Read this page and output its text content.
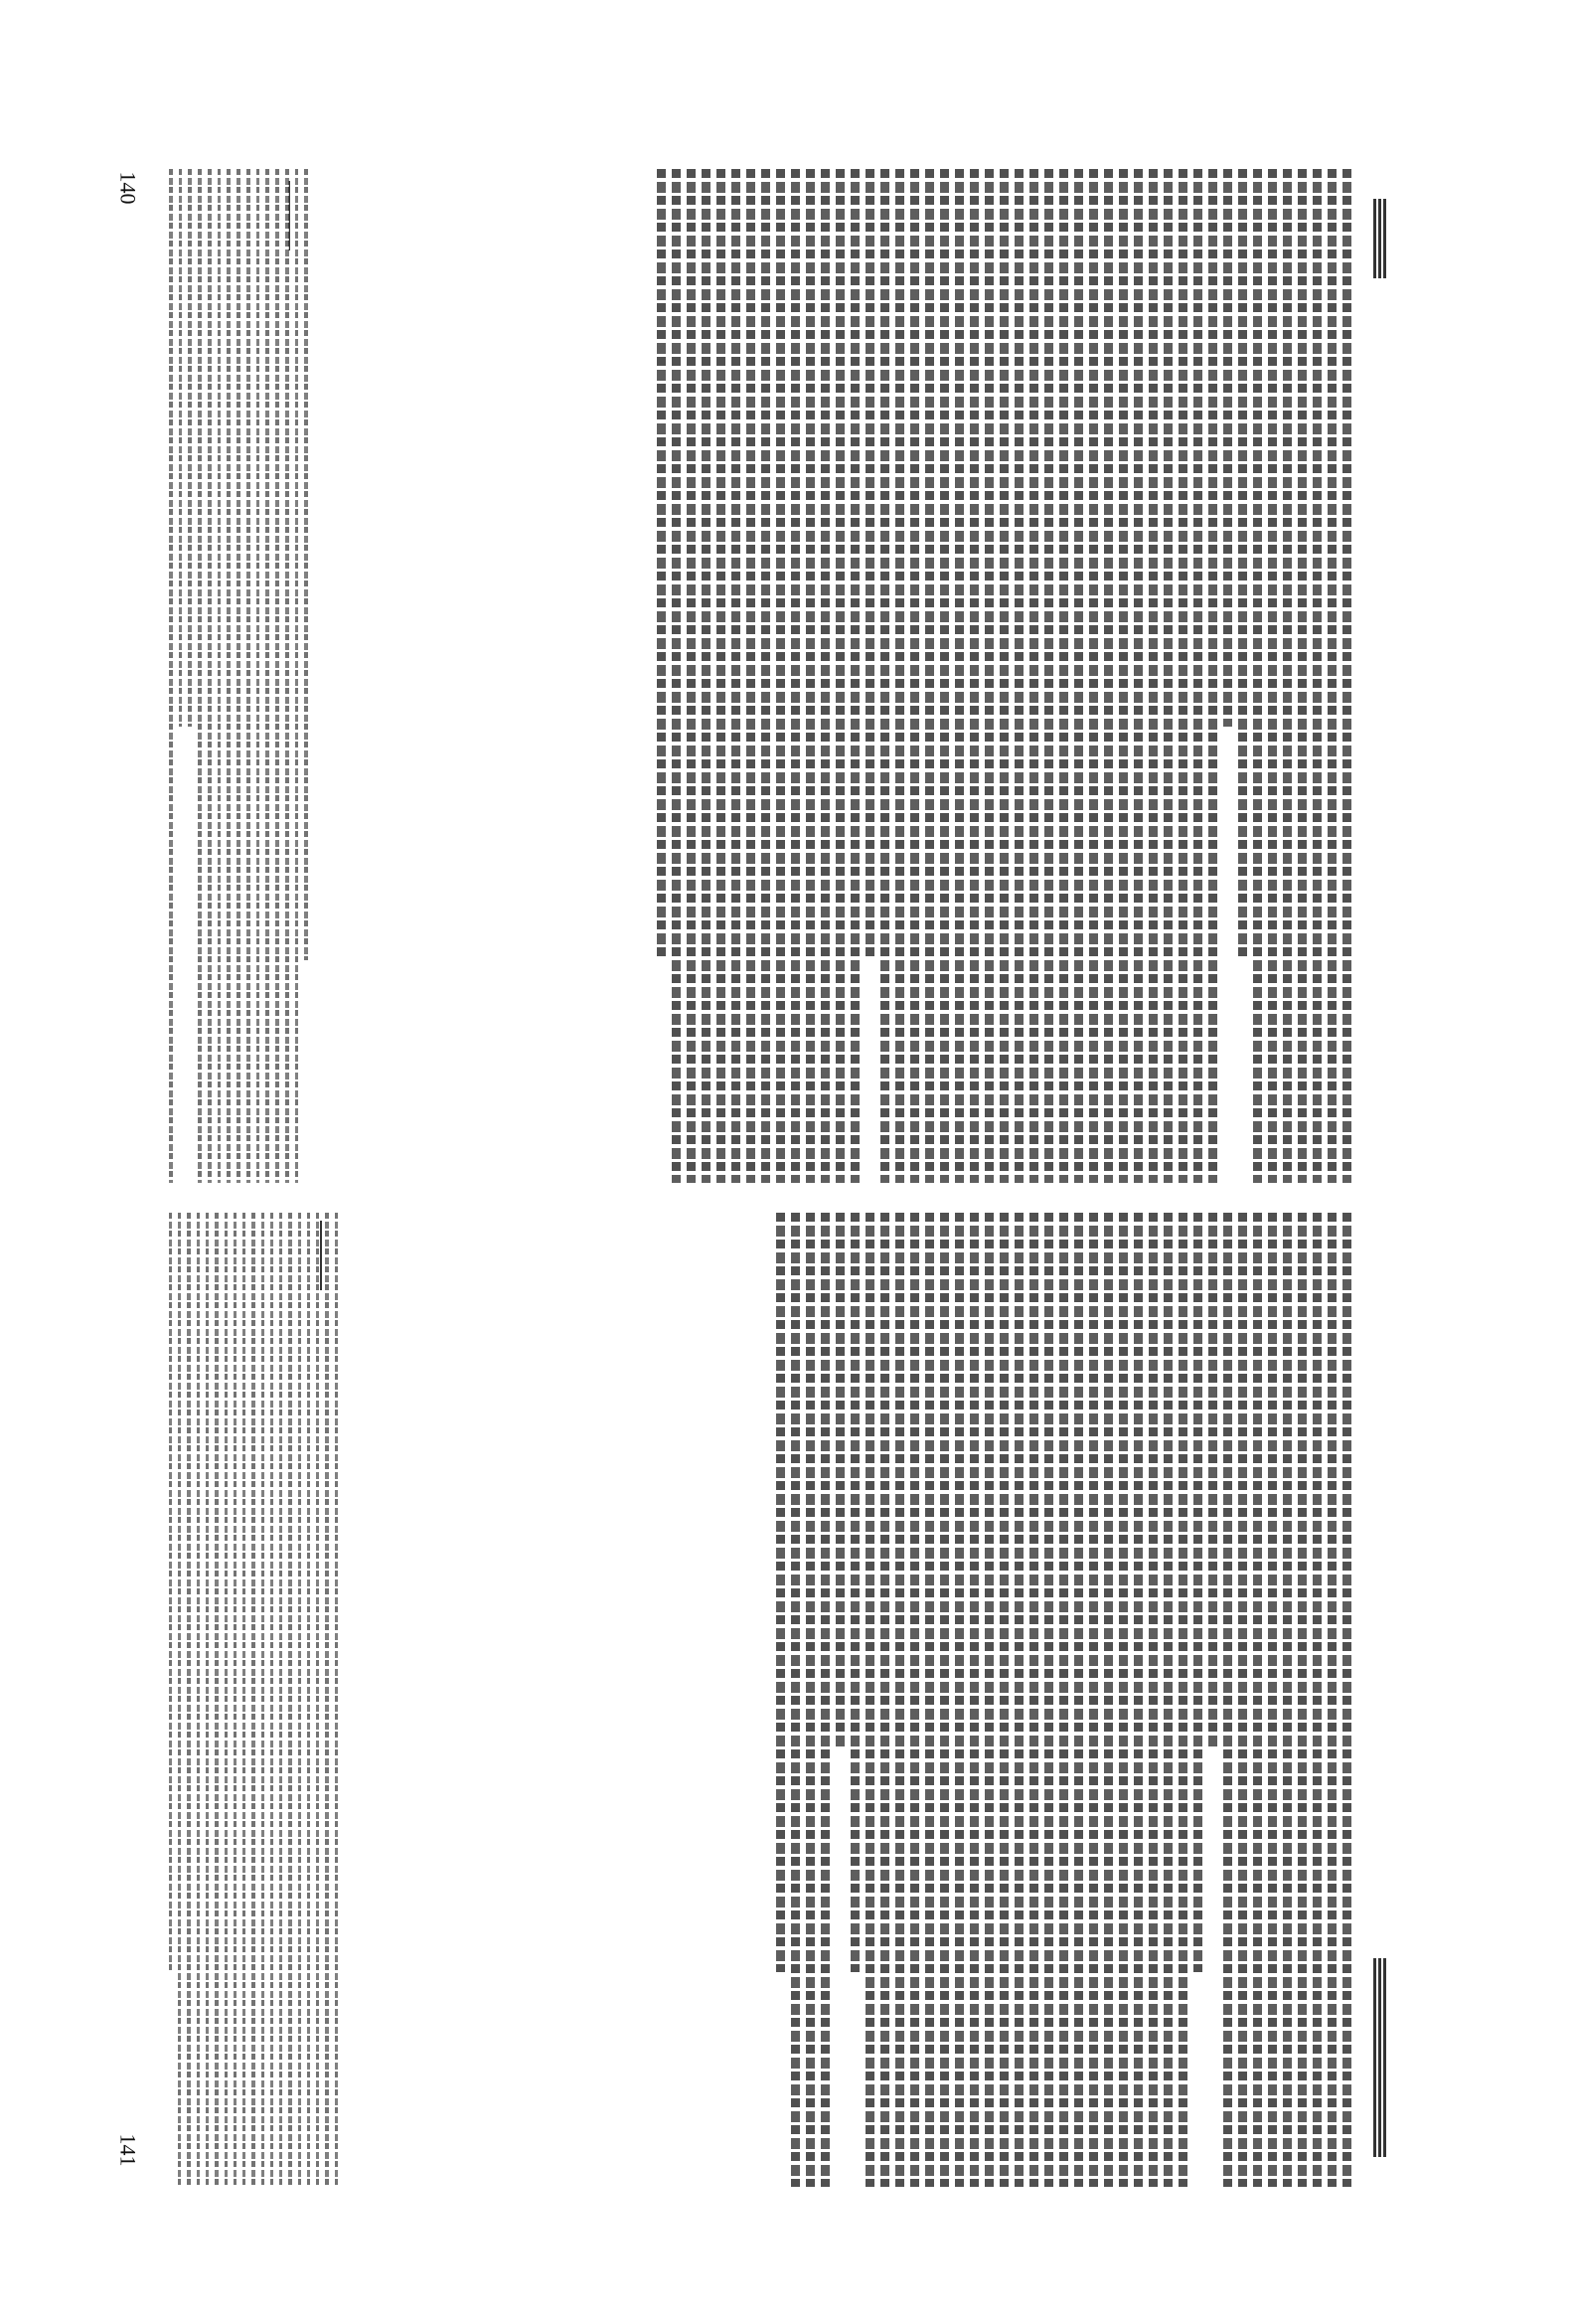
140
141
